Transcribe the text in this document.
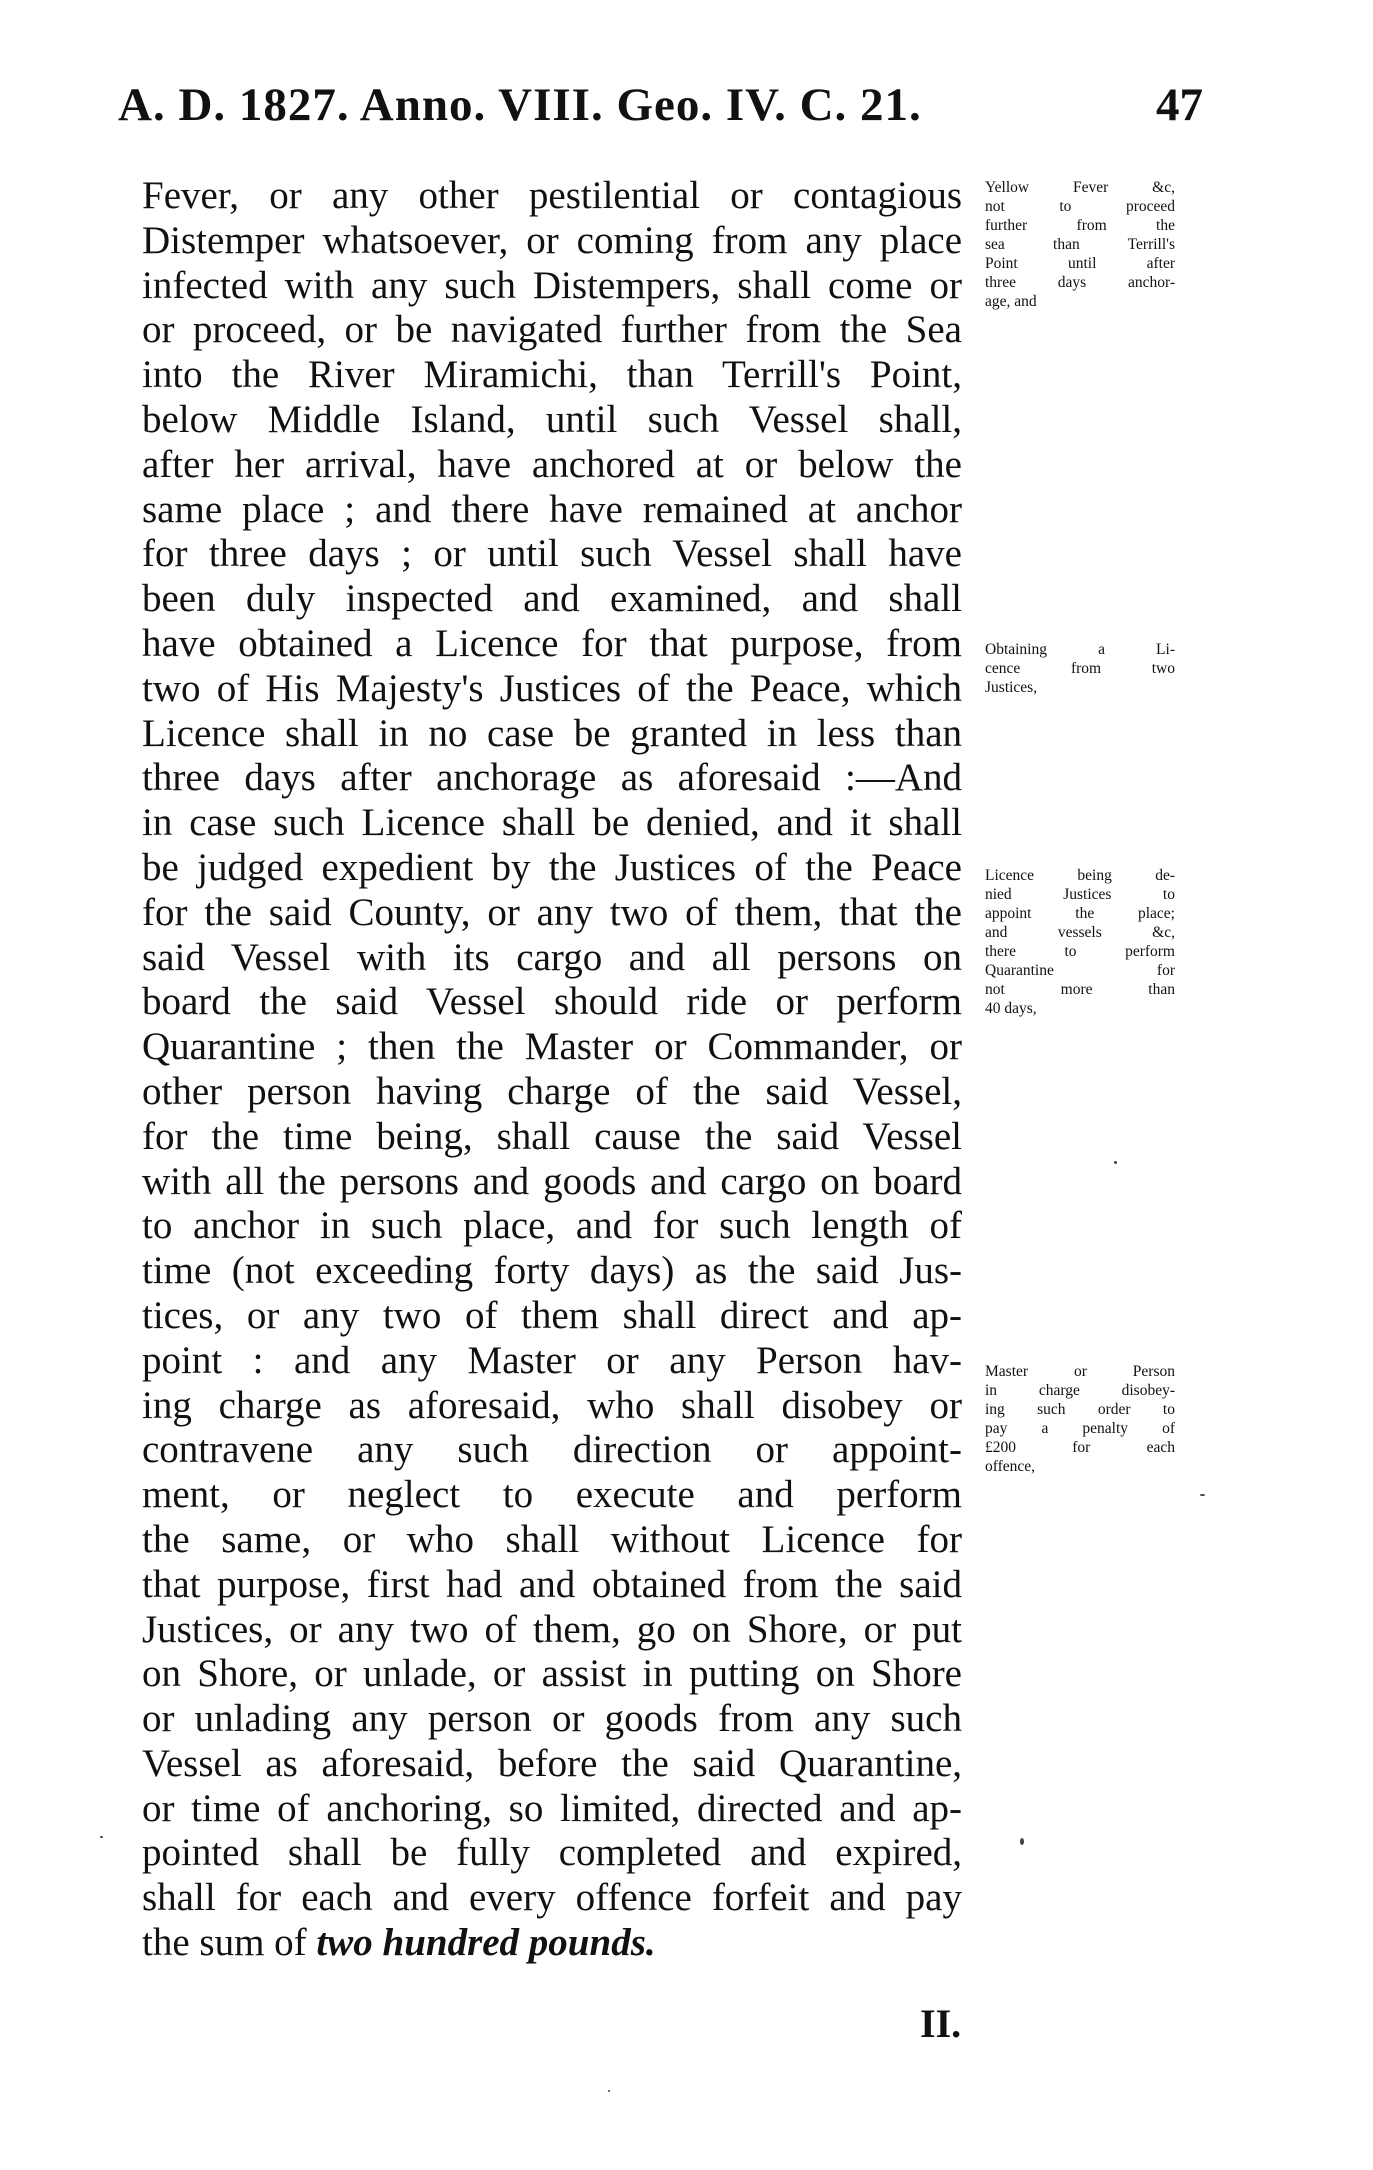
A. D. 1827. Anno. VIII. Geo. IV. C. 21.	47
Fever, or any other pestilential or contagious
Distemper whatsoever, or coming from any place
infected with any such Distempers, shall come or
or proceed, or be navigated further from the Sea
into the River Miramichi, than Terrill's Point,
below Middle Island, until such Vessel shall,
after her arrival, have anchored at or below the
same place ; and there have remained at anchor
for three days ; or until such Vessel shall have
been duly inspected and examined, and shall
have obtained a Licence for that purpose, from
two of His Majesty's Justices of the Peace, which
Licence shall in no case be granted in less than
three days after anchorage as aforesaid :—And
in case such Licence shall be denied, and it shall
be judged expedient by the Justices of the Peace
for the said County, or any two of them, that the
said Vessel with its cargo and all persons on
board the said Vessel should ride or perform
Quarantine ; then the Master or Commander, or
other person having charge of the said Vessel,
for the time being, shall cause the said Vessel
with all the persons and goods and cargo on board
to anchor in such place, and for such length of
time (not exceeding forty days) as the said Jus-
tices, or any two of them shall direct and ap-
point : and any Master or any Person hav-
ing charge as aforesaid, who shall disobey or
contravene any such direction or appoint-
ment, or neglect to execute and perform
the same, or who shall without Licence for
that purpose, first had and obtained from the said
Justices, or any two of them, go on Shore, or put
on Shore, or unlade, or assist in putting on Shore
or unlading any person or goods from any such
Vessel as aforesaid, before the said Quarantine,
or time of anchoring, so limited, directed and ap-
pointed shall be fully completed and expired,
shall for each and every offence forfeit and pay
the sum of two hundred pounds.
Yellow Fever &c,
not to proceed
further from the
sea than Terrill's
Point until after
three days anchor-
age, and
Obtaining a Li-
cence from two
Justices,
Licence being de-
nied Justices to
appoint the place;
and vessels &c,
there to perform
Quarantine for
not more than
40 days,
Master or Person
in charge disobey-
ing such order to
pay a penalty of
£200 for each
offence,
II.
